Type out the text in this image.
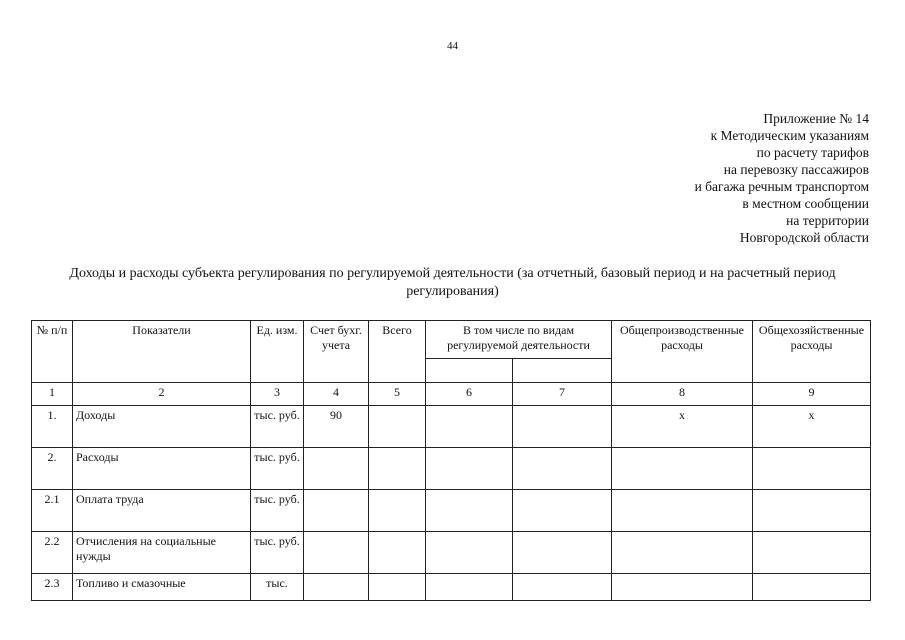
44
Приложение № 14
к Методическим указаниям
по расчету тарифов
на перевозку пассажиров
и багажа речным транспортом
в местном сообщении
на территории
Новгородской области
Доходы и расходы субъекта регулирования по регулируемой деятельности (за отчетный, базовый период и на расчетный период регулирования)
№ п/п	Показатели	Ед. изм.	Счет бухг. учета	Всего	В том числе по видам регулируемой деятельности		Общепроизводственные расходы	Общехозяйственные расходы

1	2	3	4	5	6	7	8	9
1.	Доходы	тыс. руб.	90				x	x
2.	Расходы	тыс. руб.						
2.1	Оплата труда	тыс. руб.						
2.2	Отчисления на социальные нужды	тыс. руб.						
2.3	Топливо и смазочные	тыс.						
